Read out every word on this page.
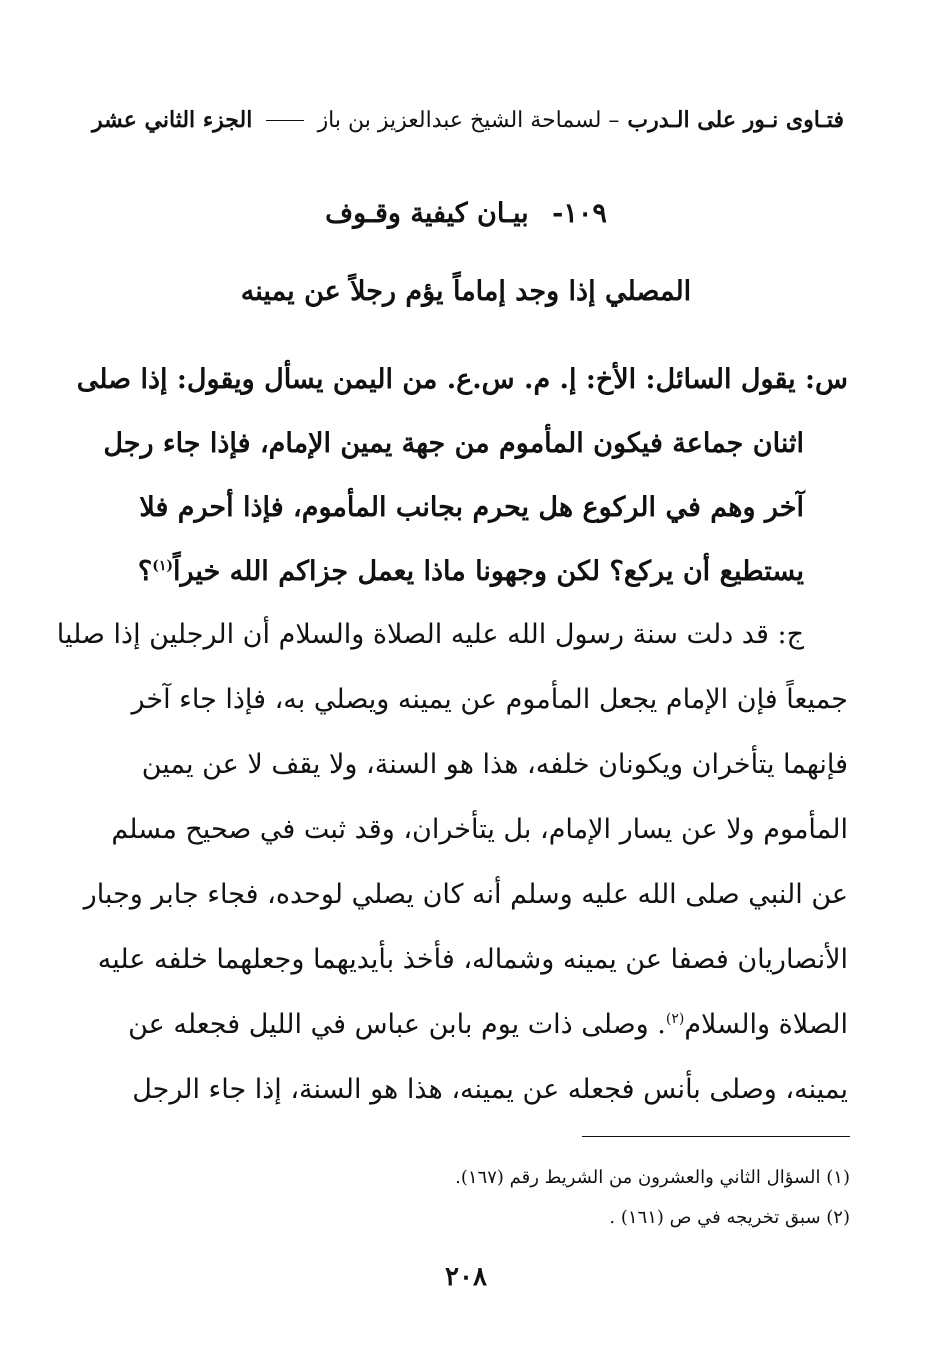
فتـاوى نـور على الـدرب
– لسماحة الشيخ عبدالعزيز بن باز
الجزء الثاني عشر
١٠٩- بيـان كيفية وقـوف
المصلي إذا وجد إماماً يؤم رجلاً عن يمينه
س: يقول السائل: الأخ: إ. م. س.ع. من اليمن يسأل ويقول: إذا صلى
اثنان جماعة فيكون المأموم من جهة يمين الإمام، فإذا جاء رجل
آخر وهم في الركوع هل يحرم بجانب المأموم، فإذا أحرم فلا
يستطيع أن يركع؟ لكن وجهونا ماذا يعمل جزاكم الله خيراً$^{(١)}$؟
ج: قد دلت سنة رسول الله عليه الصلاة والسلام أن الرجلين إذا صليا
جميعاً فإن الإمام يجعل المأموم عن يمينه ويصلي به، فإذا جاء آخر
فإنهما يتأخران ويكونان خلفه، هذا هو السنة، ولا يقف لا عن يمين
المأموم ولا عن يسار الإمام، بل يتأخران، وقد ثبت في صحيح مسلم
عن النبي صلى الله عليه وسلم أنه كان يصلي لوحده، فجاء جابر وجبار
الأنصاريان فصفا عن يمينه وشماله، فأخذ بأيديهما وجعلهما خلفه عليه
الصلاة والسلام$^{(٢)}$. وصلى ذات يوم بابن عباس في الليل فجعله عن
يمينه، وصلى بأنس فجعله عن يمينه، هذا هو السنة، إذا جاء الرجل
(١) السؤال الثاني والعشرون من الشريط رقم (١٦٧).
(٢) سبق تخريجه في ص (١٦١) .
٢٠٨
